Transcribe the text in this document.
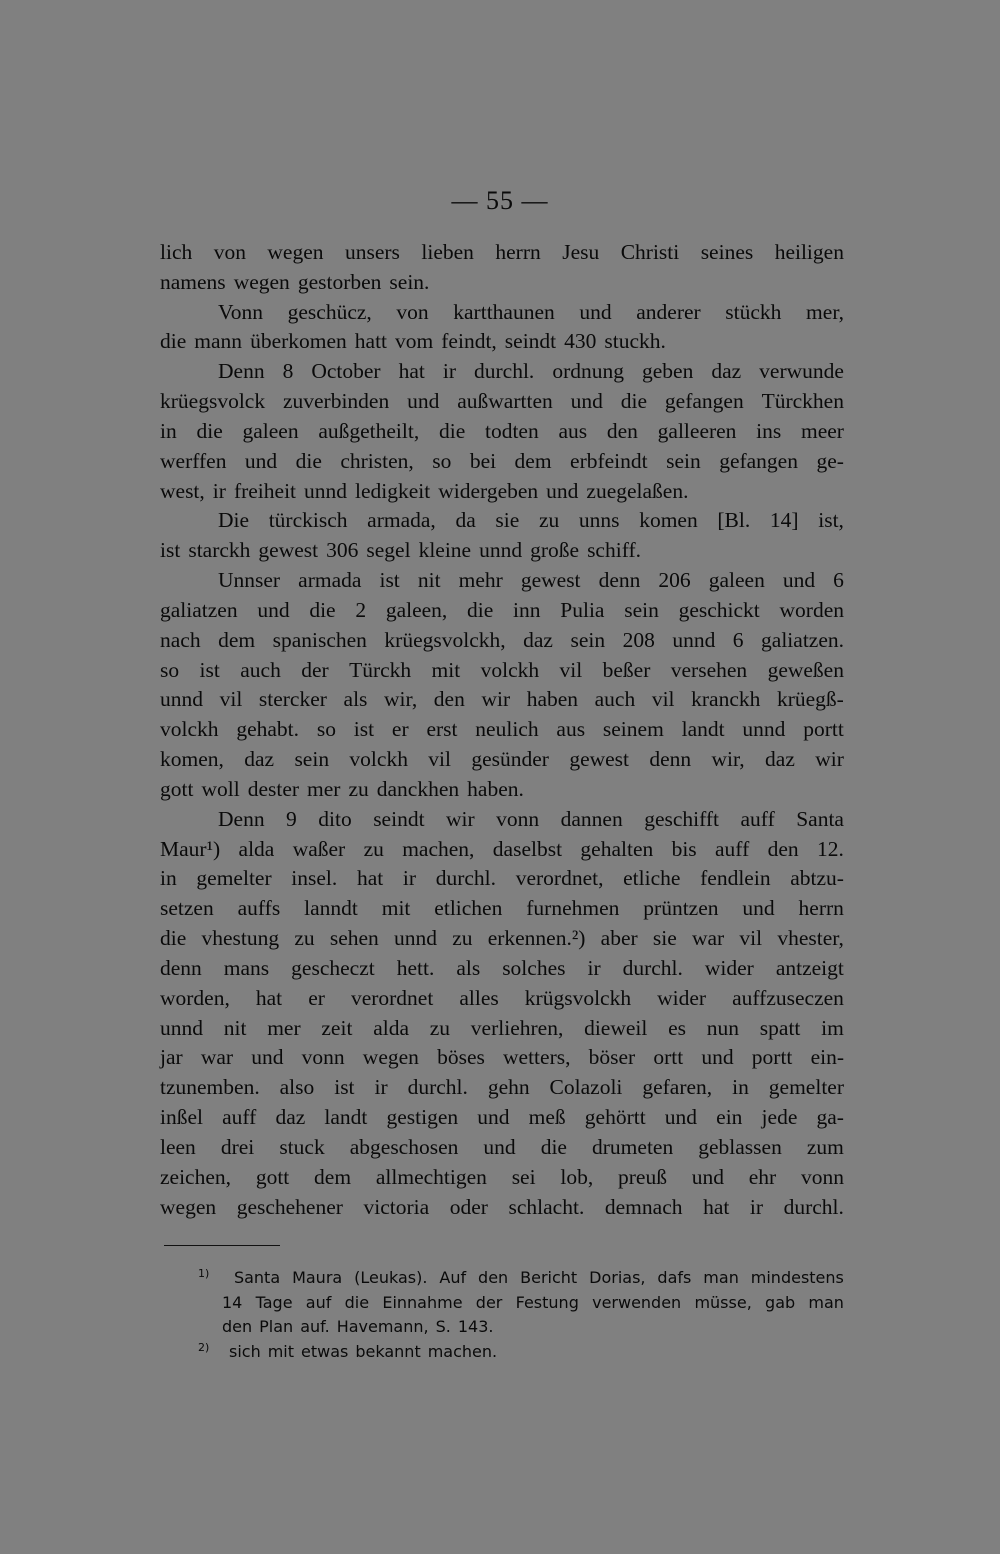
— 55 —
lich von wegen unsers lieben herrn Jesu Christi seines heiligen
namens wegen gestorben sein.
Vonn geschücz, von kartthaunen und anderer stückh mer,
die mann überkomen hatt vom feindt, seindt 430 stuckh.
Denn 8 October hat ir durchl. ordnung geben daz verwunde
krüegsvolck zuverbinden und außwartten und die gefangen Türckhen
in die galeen außgetheilt, die todten aus den galleeren ins meer
werffen und die christen, so bei dem erbfeindt sein gefangen ge-
west, ir freiheit unnd ledigkeit widergeben und zuegelaßen.
Die türckisch armada, da sie zu unns komen [Bl. 14] ist,
ist starckh gewest 306 segel kleine unnd große schiff.
Unnser armada ist nit mehr gewest denn 206 galeen und 6
galiatzen und die 2 galeen, die inn Pulia sein geschickt worden
nach dem spanischen krüegsvolckh, daz sein 208 unnd 6 galiatzen.
so ist auch der Türckh mit volckh vil beßer versehen geweßen
unnd vil stercker als wir, den wir haben auch vil kranckh krüegß-
volckh gehabt. so ist er erst neulich aus seinem landt unnd portt
komen, daz sein volckh vil gesünder gewest denn wir, daz wir
gott woll dester mer zu danckhen haben.
Denn 9 dito seindt wir vonn dannen geschifft auff Santa
Maur¹) alda waßer zu machen, daselbst gehalten bis auff den 12.
in gemelter insel. hat ir durchl. verordnet, etliche fendlein abtzu-
setzen auffs lanndt mit etlichen furnehmen prüntzen und herrn
die vhestung zu sehen unnd zu erkennen.²) aber sie war vil vhester,
denn mans gescheczt hett. als solches ir durchl. wider antzeigt
worden, hat er verordnet alles krügsvolckh wider auffzuseczen
unnd nit mer zeit alda zu verliehren, dieweil es nun spatt im
jar war und vonn wegen böses wetters, böser ortt und portt ein-
tzunemben. also ist ir durchl. gehn Colazoli gefaren, in gemelter
inßel auff daz landt gestigen und meß gehörtt und ein jede ga-
leen drei stuck abgeschosen und die drumeten geblassen zum
zeichen, gott dem allmechtigen sei lob, preuß und ehr vonn
wegen geschehener victoria oder schlacht. demnach hat ir durchl.
1)	Santa Maura (Leukas). Auf den Bericht Dorias, dafs man mindestens
14 Tage auf die Einnahme der Festung verwenden müsse, gab man
den Plan auf. Havemann, S. 143.
2)	sich mit etwas bekannt machen.
